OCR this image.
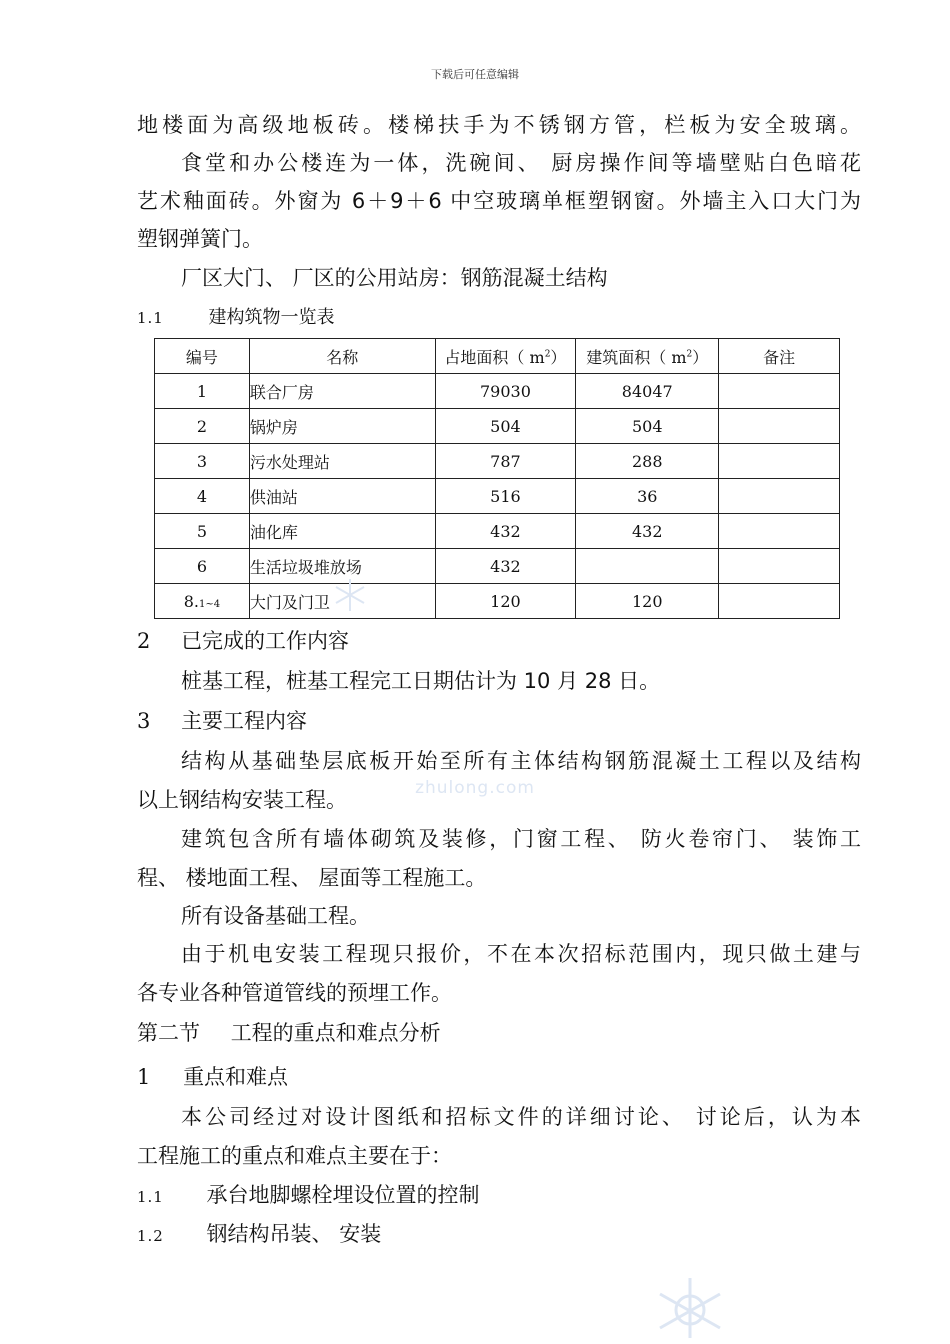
下载后可任意编辑
地楼面为高级地板砖。楼梯扶手为不锈钢方管，栏板为安全玻璃。
食堂和办公楼连为一体，洗碗间、 厨房操作间等墙壁贴白色暗花
艺术釉面砖。外窗为 6＋9＋6 中空玻璃单框塑钢窗。外墙主入口大门为
塑钢弹簧门。
厂区大门、 厂区的公用站房：钢筋混凝土结构
1.1 建构筑物一览表
编号	名称	占地面积（ $m^2$）	建筑面积（ $m^2$）	备注
1	联合厂房	79030	84047	
2	锅炉房	504	504	
3	污水处理站	787	288	
4	供油站	516	36	
5	油化库	432	432	
6	生活垃圾堆放场	432		
8.1~4	大门及门卫	120	120	
2 已完成的工作内容
桩基工程，桩基工程完工日期估计为 10 月 28 日。
3 主要工程内容
结构从基础垫层底板开始至所有主体结构钢筋混凝土工程以及结构
以上钢结构安装工程。
建筑包含所有墙体砌筑及装修，门窗工程、 防火卷帘门、 装饰工
程、 楼地面工程、 屋面等工程施工。
所有设备基础工程。
由于机电安装工程现只报价，不在本次招标范围内，现只做土建与
各专业各种管道管线的预埋工作。
第二节 工程的重点和难点分析
1 重点和难点
本公司经过对设计图纸和招标文件的详细讨论、 讨论后，认为本
工程施工的重点和难点主要在于：
1.1 承台地脚螺栓埋设位置的控制
1.2 钢结构吊装、 安装
zhulong.com
